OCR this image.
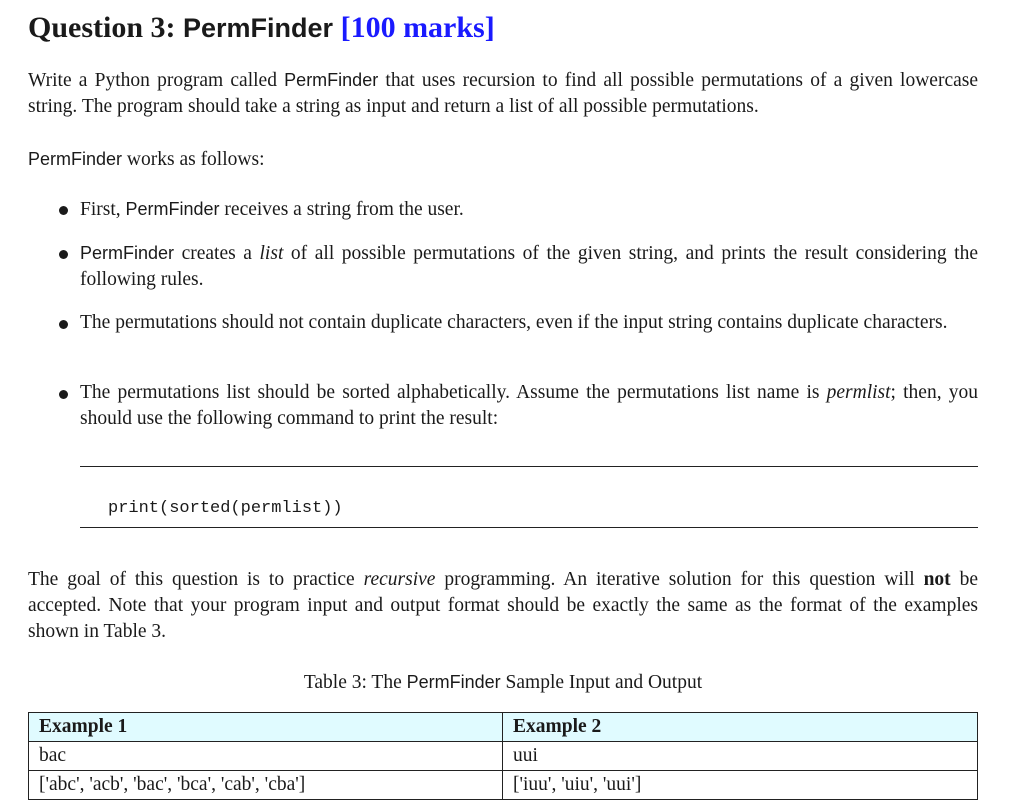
Question 3: PermFinder [100 marks]

Write a Python program called PermFinder that uses recursion to find all possible permutations of a given lowercase string. The program should take a string as input and return a list of all possible permutations.

PermFinder works as follows:

First, PermFinder receives a string from the user.
PermFinder creates a list of all possible permutations of the given string, and prints the result considering the following rules.
The permutations should not contain duplicate characters, even if the input string contains duplicate characters.
The permutations list should be sorted alphabetically. Assume the permutations list name is permlist; then, you should use the following command to print the result:
print(sorted(permlist))

The goal of this question is to practice recursive programming. An iterative solution for this question will not be accepted. Note that your program input and output format should be exactly the same as the format of the examples shown in Table 3.

Table 3: The PermFinder Sample Input and Output
Example 1	Example 2
bac	uui
['abc', 'acb', 'bac', 'bca', 'cab', 'cba']	['iuu', 'uiu', 'uui']
